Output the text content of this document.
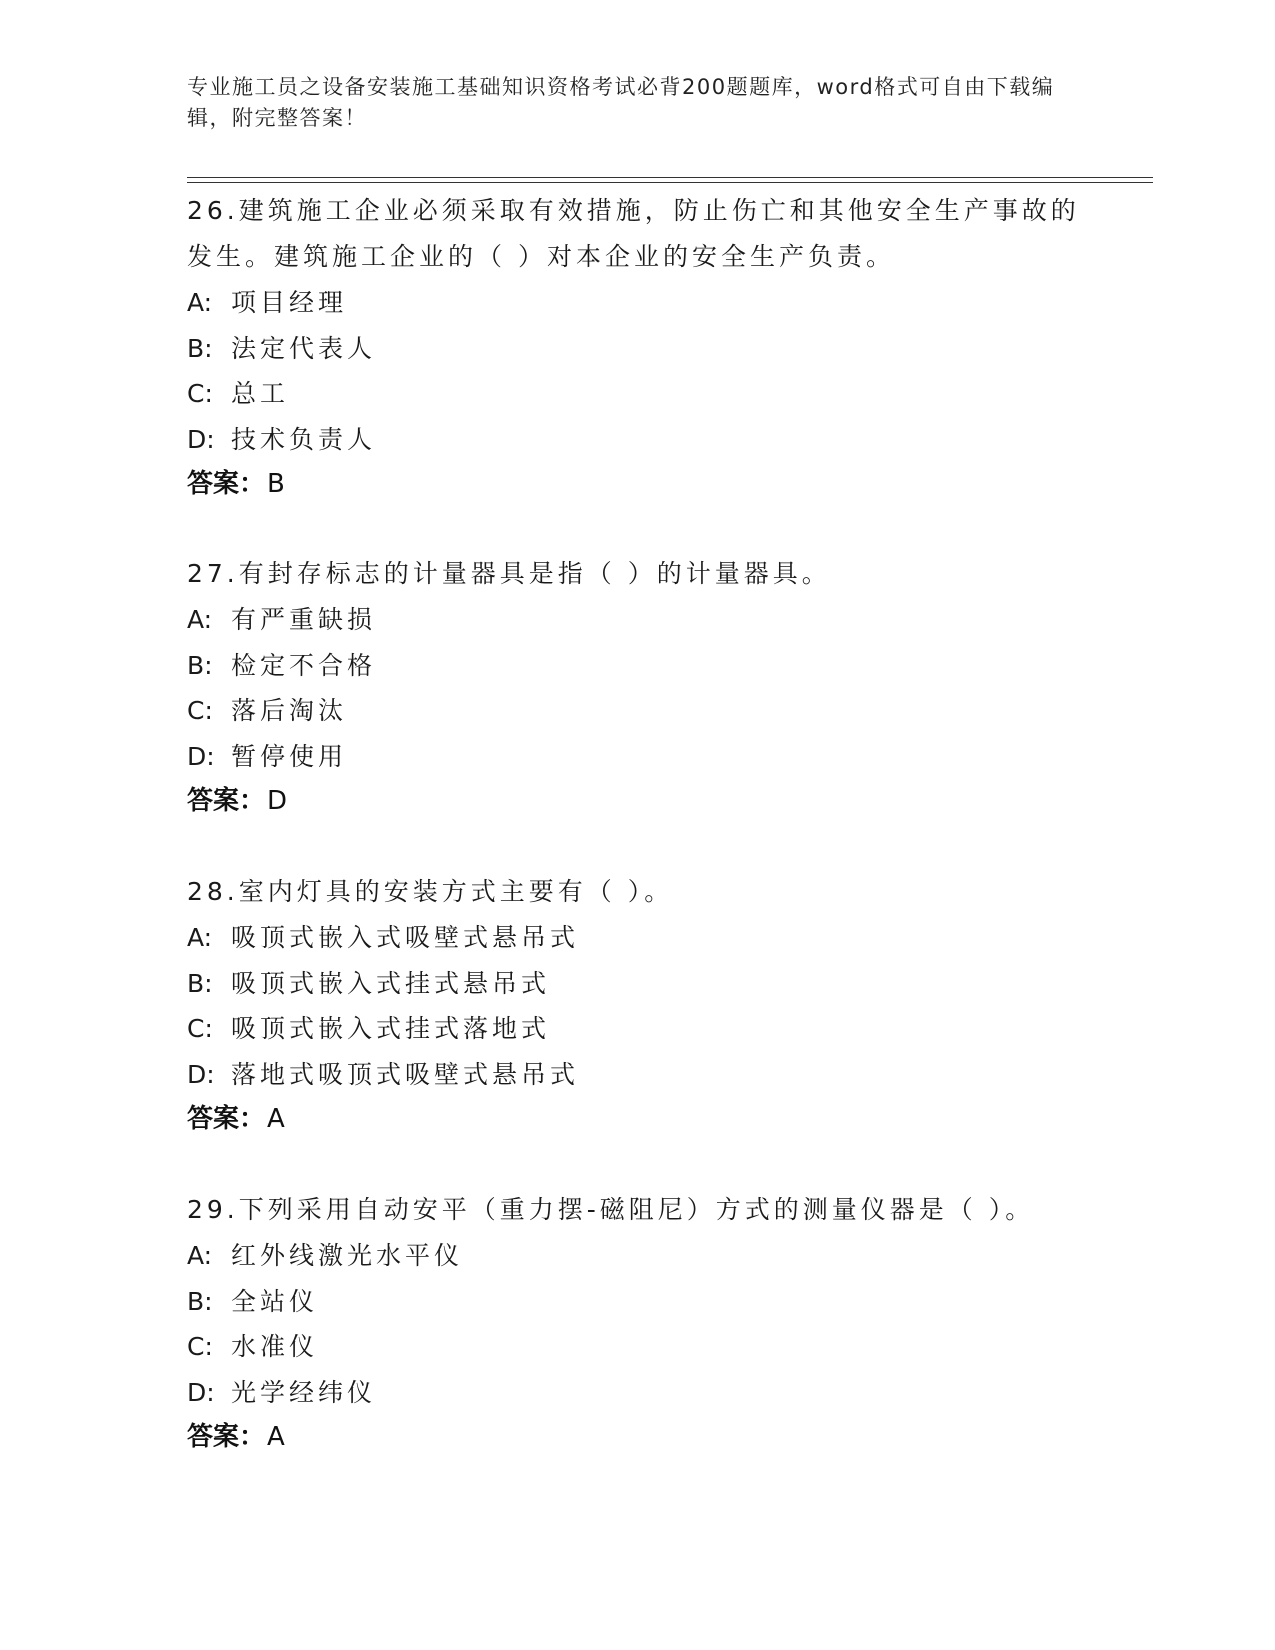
专业施工员之设备安装施工基础知识资格考试必背200题题库，word格式可自由下载编辑，附完整答案！

26.建筑施工企业必须采取有效措施，防止伤亡和其他安全生产事故的发生。建筑施工企业的（ ）对本企业的安全生产负责。

A: 项目经理

B: 法定代表人

C: 总工

D: 技术负责人

答案：B

27.有封存标志的计量器具是指（ ）的计量器具。

A: 有严重缺损

B: 检定不合格

C: 落后淘汰

D: 暂停使用

答案：D

28.室内灯具的安装方式主要有（ ）。

A: 吸顶式嵌入式吸壁式悬吊式

B: 吸顶式嵌入式挂式悬吊式

C: 吸顶式嵌入式挂式落地式

D: 落地式吸顶式吸壁式悬吊式

答案：A

29.下列采用自动安平（重力摆-磁阻尼）方式的测量仪器是（ ）。

A: 红外线激光水平仪

B: 全站仪

C: 水准仪

D: 光学经纬仪

答案：A
